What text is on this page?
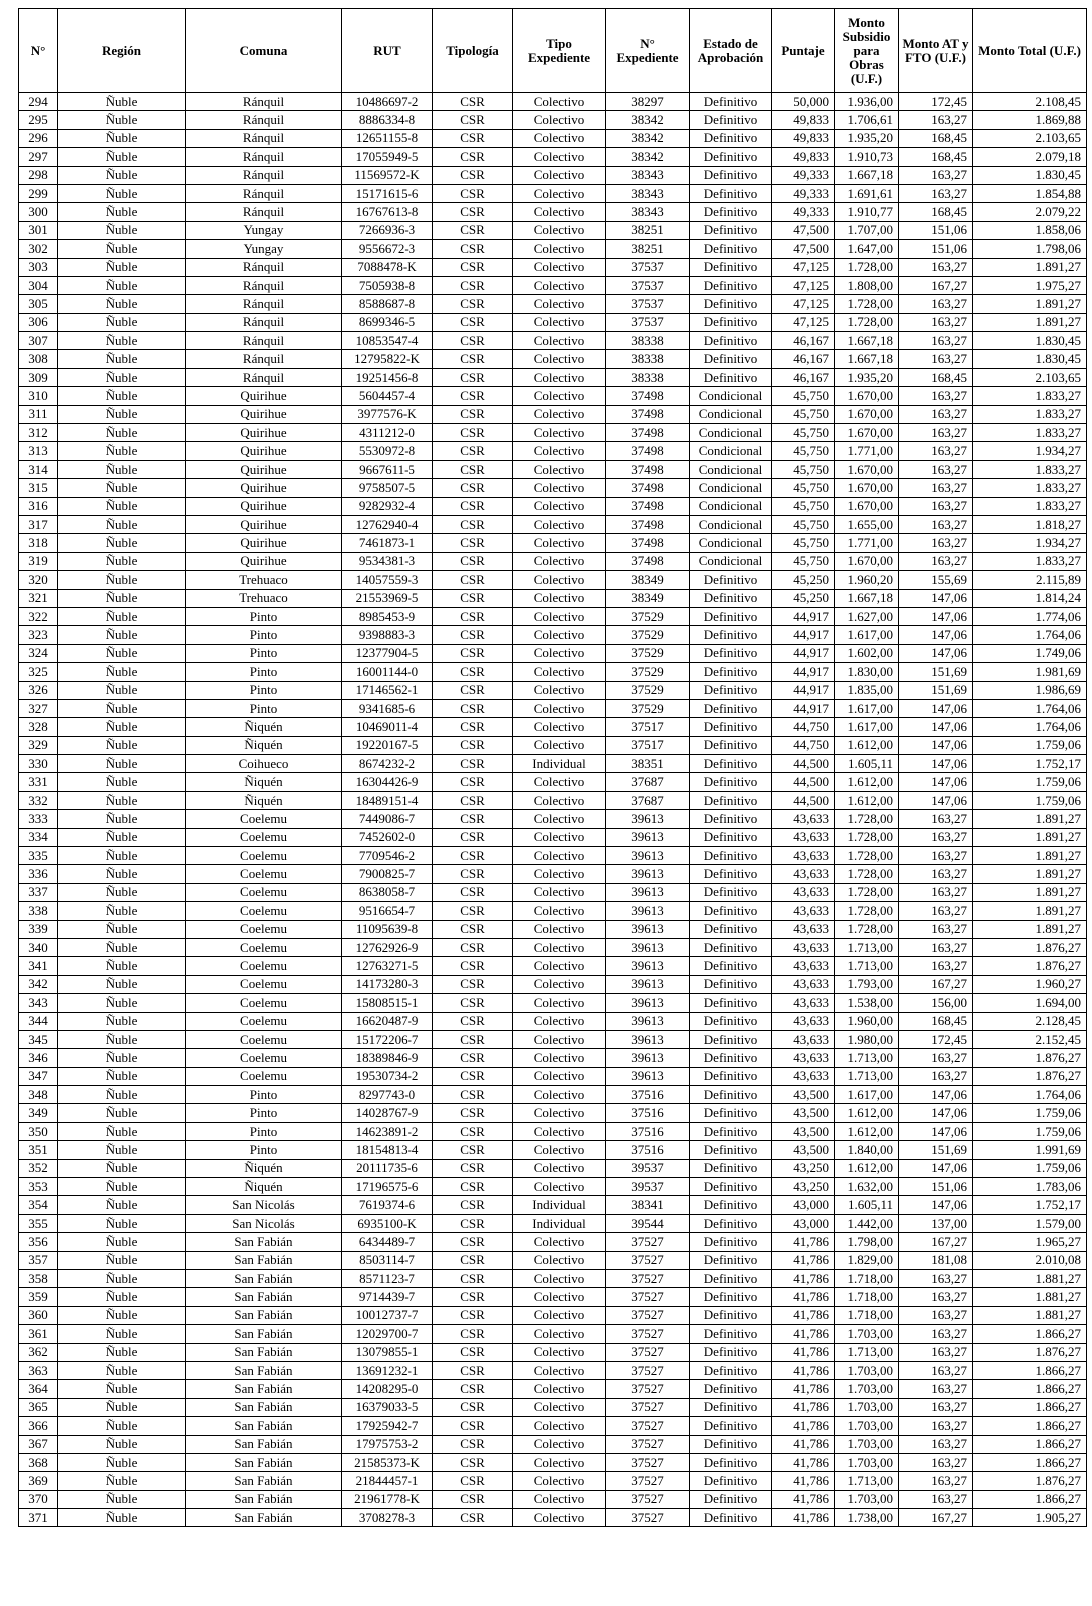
N°	Región	Comuna	RUT	Tipología	Tipo Expediente	N° Expediente	Estado de Aprobación	Puntaje	Monto Subsidio para Obras (U.F.)	Monto AT y FTO (U.F.)	Monto Total (U.F.)
294	Ñuble	Ránquil	10486697-2	CSR	Colectivo	38297	Definitivo	50,000	1.936,00	172,45	2.108,45
295	Ñuble	Ránquil	8886334-8	CSR	Colectivo	38342	Definitivo	49,833	1.706,61	163,27	1.869,88
296	Ñuble	Ránquil	12651155-8	CSR	Colectivo	38342	Definitivo	49,833	1.935,20	168,45	2.103,65
297	Ñuble	Ránquil	17055949-5	CSR	Colectivo	38342	Definitivo	49,833	1.910,73	168,45	2.079,18
298	Ñuble	Ránquil	11569572-K	CSR	Colectivo	38343	Definitivo	49,333	1.667,18	163,27	1.830,45
299	Ñuble	Ránquil	15171615-6	CSR	Colectivo	38343	Definitivo	49,333	1.691,61	163,27	1.854,88
300	Ñuble	Ránquil	16767613-8	CSR	Colectivo	38343	Definitivo	49,333	1.910,77	168,45	2.079,22
301	Ñuble	Yungay	7266936-3	CSR	Colectivo	38251	Definitivo	47,500	1.707,00	151,06	1.858,06
302	Ñuble	Yungay	9556672-3	CSR	Colectivo	38251	Definitivo	47,500	1.647,00	151,06	1.798,06
303	Ñuble	Ránquil	7088478-K	CSR	Colectivo	37537	Definitivo	47,125	1.728,00	163,27	1.891,27
304	Ñuble	Ránquil	7505938-8	CSR	Colectivo	37537	Definitivo	47,125	1.808,00	167,27	1.975,27
305	Ñuble	Ránquil	8588687-8	CSR	Colectivo	37537	Definitivo	47,125	1.728,00	163,27	1.891,27
306	Ñuble	Ránquil	8699346-5	CSR	Colectivo	37537	Definitivo	47,125	1.728,00	163,27	1.891,27
307	Ñuble	Ránquil	10853547-4	CSR	Colectivo	38338	Definitivo	46,167	1.667,18	163,27	1.830,45
308	Ñuble	Ránquil	12795822-K	CSR	Colectivo	38338	Definitivo	46,167	1.667,18	163,27	1.830,45
309	Ñuble	Ránquil	19251456-8	CSR	Colectivo	38338	Definitivo	46,167	1.935,20	168,45	2.103,65
310	Ñuble	Quirihue	5604457-4	CSR	Colectivo	37498	Condicional	45,750	1.670,00	163,27	1.833,27
311	Ñuble	Quirihue	3977576-K	CSR	Colectivo	37498	Condicional	45,750	1.670,00	163,27	1.833,27
312	Ñuble	Quirihue	4311212-0	CSR	Colectivo	37498	Condicional	45,750	1.670,00	163,27	1.833,27
313	Ñuble	Quirihue	5530972-8	CSR	Colectivo	37498	Condicional	45,750	1.771,00	163,27	1.934,27
314	Ñuble	Quirihue	9667611-5	CSR	Colectivo	37498	Condicional	45,750	1.670,00	163,27	1.833,27
315	Ñuble	Quirihue	9758507-5	CSR	Colectivo	37498	Condicional	45,750	1.670,00	163,27	1.833,27
316	Ñuble	Quirihue	9282932-4	CSR	Colectivo	37498	Condicional	45,750	1.670,00	163,27	1.833,27
317	Ñuble	Quirihue	12762940-4	CSR	Colectivo	37498	Condicional	45,750	1.655,00	163,27	1.818,27
318	Ñuble	Quirihue	7461873-1	CSR	Colectivo	37498	Condicional	45,750	1.771,00	163,27	1.934,27
319	Ñuble	Quirihue	9534381-3	CSR	Colectivo	37498	Condicional	45,750	1.670,00	163,27	1.833,27
320	Ñuble	Trehuaco	14057559-3	CSR	Colectivo	38349	Definitivo	45,250	1.960,20	155,69	2.115,89
321	Ñuble	Trehuaco	21553969-5	CSR	Colectivo	38349	Definitivo	45,250	1.667,18	147,06	1.814,24
322	Ñuble	Pinto	8985453-9	CSR	Colectivo	37529	Definitivo	44,917	1.627,00	147,06	1.774,06
323	Ñuble	Pinto	9398883-3	CSR	Colectivo	37529	Definitivo	44,917	1.617,00	147,06	1.764,06
324	Ñuble	Pinto	12377904-5	CSR	Colectivo	37529	Definitivo	44,917	1.602,00	147,06	1.749,06
325	Ñuble	Pinto	16001144-0	CSR	Colectivo	37529	Definitivo	44,917	1.830,00	151,69	1.981,69
326	Ñuble	Pinto	17146562-1	CSR	Colectivo	37529	Definitivo	44,917	1.835,00	151,69	1.986,69
327	Ñuble	Pinto	9341685-6	CSR	Colectivo	37529	Definitivo	44,917	1.617,00	147,06	1.764,06
328	Ñuble	Ñiquén	10469011-4	CSR	Colectivo	37517	Definitivo	44,750	1.617,00	147,06	1.764,06
329	Ñuble	Ñiquén	19220167-5	CSR	Colectivo	37517	Definitivo	44,750	1.612,00	147,06	1.759,06
330	Ñuble	Coihueco	8674232-2	CSR	Individual	38351	Definitivo	44,500	1.605,11	147,06	1.752,17
331	Ñuble	Ñiquén	16304426-9	CSR	Colectivo	37687	Definitivo	44,500	1.612,00	147,06	1.759,06
332	Ñuble	Ñiquén	18489151-4	CSR	Colectivo	37687	Definitivo	44,500	1.612,00	147,06	1.759,06
333	Ñuble	Coelemu	7449086-7	CSR	Colectivo	39613	Definitivo	43,633	1.728,00	163,27	1.891,27
334	Ñuble	Coelemu	7452602-0	CSR	Colectivo	39613	Definitivo	43,633	1.728,00	163,27	1.891,27
335	Ñuble	Coelemu	7709546-2	CSR	Colectivo	39613	Definitivo	43,633	1.728,00	163,27	1.891,27
336	Ñuble	Coelemu	7900825-7	CSR	Colectivo	39613	Definitivo	43,633	1.728,00	163,27	1.891,27
337	Ñuble	Coelemu	8638058-7	CSR	Colectivo	39613	Definitivo	43,633	1.728,00	163,27	1.891,27
338	Ñuble	Coelemu	9516654-7	CSR	Colectivo	39613	Definitivo	43,633	1.728,00	163,27	1.891,27
339	Ñuble	Coelemu	11095639-8	CSR	Colectivo	39613	Definitivo	43,633	1.728,00	163,27	1.891,27
340	Ñuble	Coelemu	12762926-9	CSR	Colectivo	39613	Definitivo	43,633	1.713,00	163,27	1.876,27
341	Ñuble	Coelemu	12763271-5	CSR	Colectivo	39613	Definitivo	43,633	1.713,00	163,27	1.876,27
342	Ñuble	Coelemu	14173280-3	CSR	Colectivo	39613	Definitivo	43,633	1.793,00	167,27	1.960,27
343	Ñuble	Coelemu	15808515-1	CSR	Colectivo	39613	Definitivo	43,633	1.538,00	156,00	1.694,00
344	Ñuble	Coelemu	16620487-9	CSR	Colectivo	39613	Definitivo	43,633	1.960,00	168,45	2.128,45
345	Ñuble	Coelemu	15172206-7	CSR	Colectivo	39613	Definitivo	43,633	1.980,00	172,45	2.152,45
346	Ñuble	Coelemu	18389846-9	CSR	Colectivo	39613	Definitivo	43,633	1.713,00	163,27	1.876,27
347	Ñuble	Coelemu	19530734-2	CSR	Colectivo	39613	Definitivo	43,633	1.713,00	163,27	1.876,27
348	Ñuble	Pinto	8297743-0	CSR	Colectivo	37516	Definitivo	43,500	1.617,00	147,06	1.764,06
349	Ñuble	Pinto	14028767-9	CSR	Colectivo	37516	Definitivo	43,500	1.612,00	147,06	1.759,06
350	Ñuble	Pinto	14623891-2	CSR	Colectivo	37516	Definitivo	43,500	1.612,00	147,06	1.759,06
351	Ñuble	Pinto	18154813-4	CSR	Colectivo	37516	Definitivo	43,500	1.840,00	151,69	1.991,69
352	Ñuble	Ñiquén	20111735-6	CSR	Colectivo	39537	Definitivo	43,250	1.612,00	147,06	1.759,06
353	Ñuble	Ñiquén	17196575-6	CSR	Colectivo	39537	Definitivo	43,250	1.632,00	151,06	1.783,06
354	Ñuble	San Nicolás	7619374-6	CSR	Individual	38341	Definitivo	43,000	1.605,11	147,06	1.752,17
355	Ñuble	San Nicolás	6935100-K	CSR	Individual	39544	Definitivo	43,000	1.442,00	137,00	1.579,00
356	Ñuble	San Fabián	6434489-7	CSR	Colectivo	37527	Definitivo	41,786	1.798,00	167,27	1.965,27
357	Ñuble	San Fabián	8503114-7	CSR	Colectivo	37527	Definitivo	41,786	1.829,00	181,08	2.010,08
358	Ñuble	San Fabián	8571123-7	CSR	Colectivo	37527	Definitivo	41,786	1.718,00	163,27	1.881,27
359	Ñuble	San Fabián	9714439-7	CSR	Colectivo	37527	Definitivo	41,786	1.718,00	163,27	1.881,27
360	Ñuble	San Fabián	10012737-7	CSR	Colectivo	37527	Definitivo	41,786	1.718,00	163,27	1.881,27
361	Ñuble	San Fabián	12029700-7	CSR	Colectivo	37527	Definitivo	41,786	1.703,00	163,27	1.866,27
362	Ñuble	San Fabián	13079855-1	CSR	Colectivo	37527	Definitivo	41,786	1.713,00	163,27	1.876,27
363	Ñuble	San Fabián	13691232-1	CSR	Colectivo	37527	Definitivo	41,786	1.703,00	163,27	1.866,27
364	Ñuble	San Fabián	14208295-0	CSR	Colectivo	37527	Definitivo	41,786	1.703,00	163,27	1.866,27
365	Ñuble	San Fabián	16379033-5	CSR	Colectivo	37527	Definitivo	41,786	1.703,00	163,27	1.866,27
366	Ñuble	San Fabián	17925942-7	CSR	Colectivo	37527	Definitivo	41,786	1.703,00	163,27	1.866,27
367	Ñuble	San Fabián	17975753-2	CSR	Colectivo	37527	Definitivo	41,786	1.703,00	163,27	1.866,27
368	Ñuble	San Fabián	21585373-K	CSR	Colectivo	37527	Definitivo	41,786	1.703,00	163,27	1.866,27
369	Ñuble	San Fabián	21844457-1	CSR	Colectivo	37527	Definitivo	41,786	1.713,00	163,27	1.876,27
370	Ñuble	San Fabián	21961778-K	CSR	Colectivo	37527	Definitivo	41,786	1.703,00	163,27	1.866,27
371	Ñuble	San Fabián	3708278-3	CSR	Colectivo	37527	Definitivo	41,786	1.738,00	167,27	1.905,27
